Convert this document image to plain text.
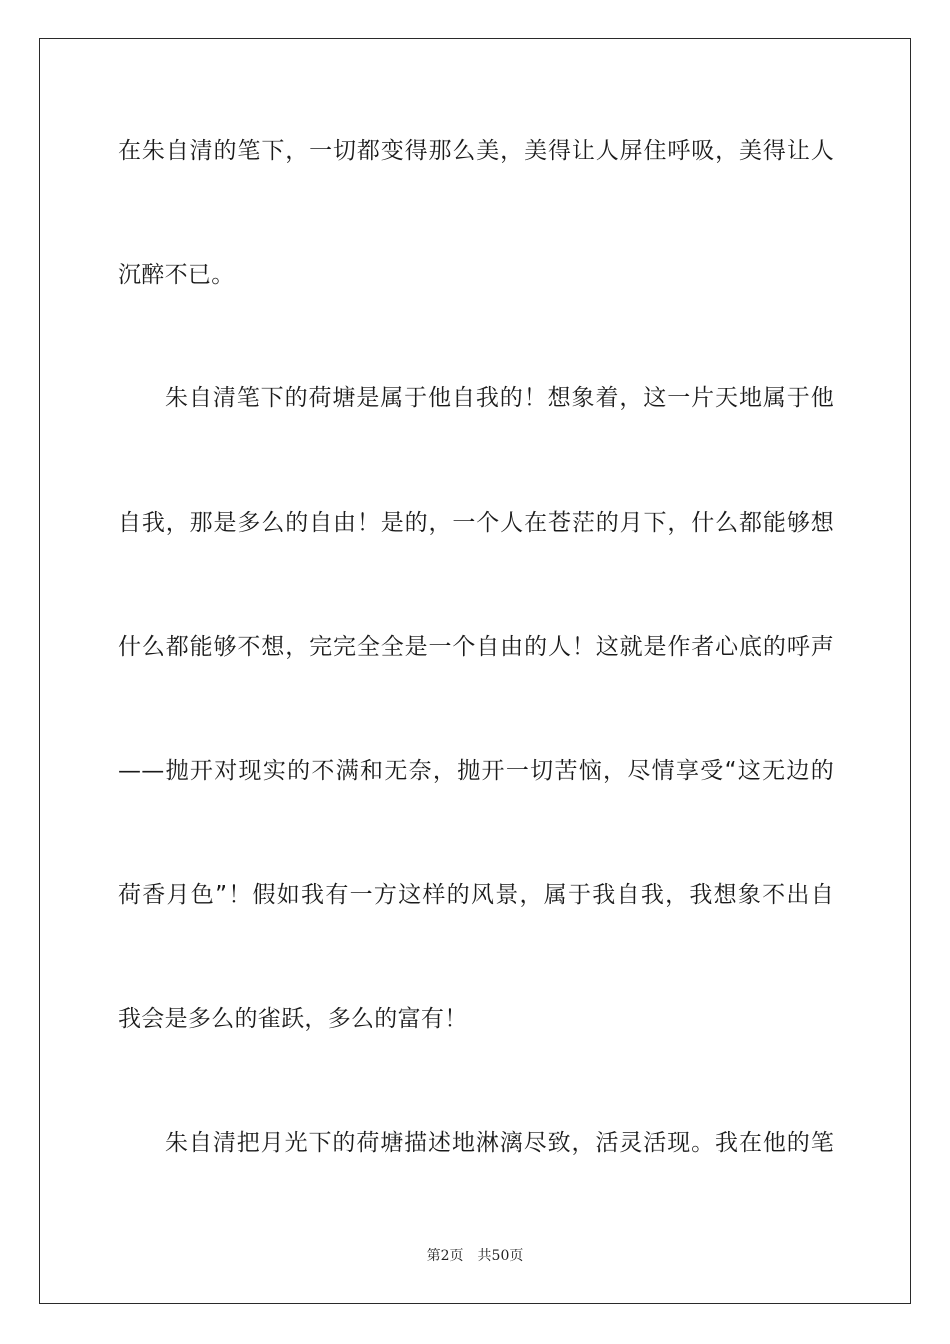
在朱自清的笔下，一切都变得那么美，美得让人屏住呼吸，美得让人
沉醉不已。
朱自清笔下的荷塘是属于他自我的！想象着，这一片天地属于他
自我，那是多么的自由！是的，一个人在苍茫的月下，什么都能够想
什么都能够不想，完完全全是一个自由的人！这就是作者心底的呼声
——抛开对现实的不满和无奈，抛开一切苦恼，尽情享受“这无边的
荷香月色”！假如我有一方这样的风景，属于我自我，我想象不出自
我会是多么的雀跃，多么的富有！
朱自清把月光下的荷塘描述地淋漓尽致，活灵活现。我在他的笔
第2页 共50页
